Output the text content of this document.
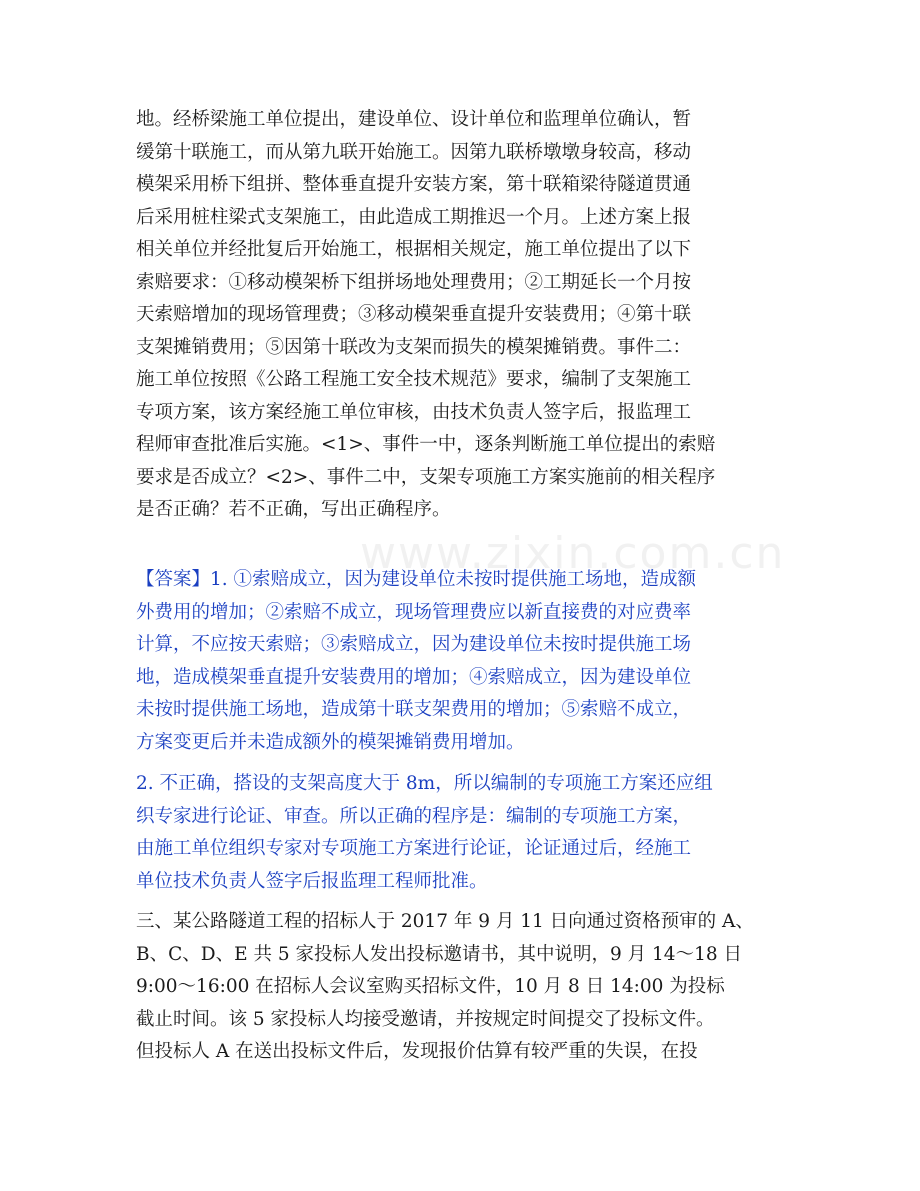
www.zixin.com.cn
地。经桥梁施工单位提出，建设单位、设计单位和监理单位确认，暂
缓第十联施工，而从第九联开始施工。因第九联桥墩墩身较高，移动
模架采用桥下组拼、整体垂直提升安装方案，第十联箱梁待隧道贯通
后采用桩柱梁式支架施工，由此造成工期推迟一个月。上述方案上报
相关单位并经批复后开始施工，根据相关规定，施工单位提出了以下
索赔要求：①移动模架桥下组拼场地处理费用；②工期延长一个月按
天索赔增加的现场管理费；③移动模架垂直提升安装费用；④第十联
支架摊销费用；⑤因第十联改为支架而损失的模架摊销费。事件二：
施工单位按照《公路工程施工安全技术规范》要求，编制了支架施工
专项方案，该方案经施工单位审核，由技术负责人签字后，报监理工
程师审查批准后实施。<1>、事件一中，逐条判断施工单位提出的索赔
要求是否成立？<2>、事件二中，支架专项施工方案实施前的相关程序
是否正确？若不正确，写出正确程序。
【答案】1. ①索赔成立，因为建设单位未按时提供施工场地，造成额
外费用的增加；②索赔不成立，现场管理费应以新直接费的对应费率
计算，不应按天索赔；③索赔成立，因为建设单位未按时提供施工场
地，造成模架垂直提升安装费用的增加；④索赔成立，因为建设单位
未按时提供施工场地，造成第十联支架费用的增加；⑤索赔不成立，
方案变更后并未造成额外的模架摊销费用增加。
2. 不正确，搭设的支架高度大于 8m，所以编制的专项施工方案还应组
织专家进行论证、审查。所以正确的程序是：编制的专项施工方案，
由施工单位组织专家对专项施工方案进行论证，论证通过后，经施工
单位技术负责人签字后报监理工程师批准。
三、某公路隧道工程的招标人于 2017 年 9 月 11 日向通过资格预审的 A、
B、C、D、E 共 5 家投标人发出投标邀请书，其中说明，9 月 14～18 日
9:00～16:00 在招标人会议室购买招标文件，10 月 8 日 14:00 为投标
截止时间。该 5 家投标人均接受邀请，并按规定时间提交了投标文件。
但投标人 A 在送出投标文件后，发现报价估算有较严重的失误，在投
